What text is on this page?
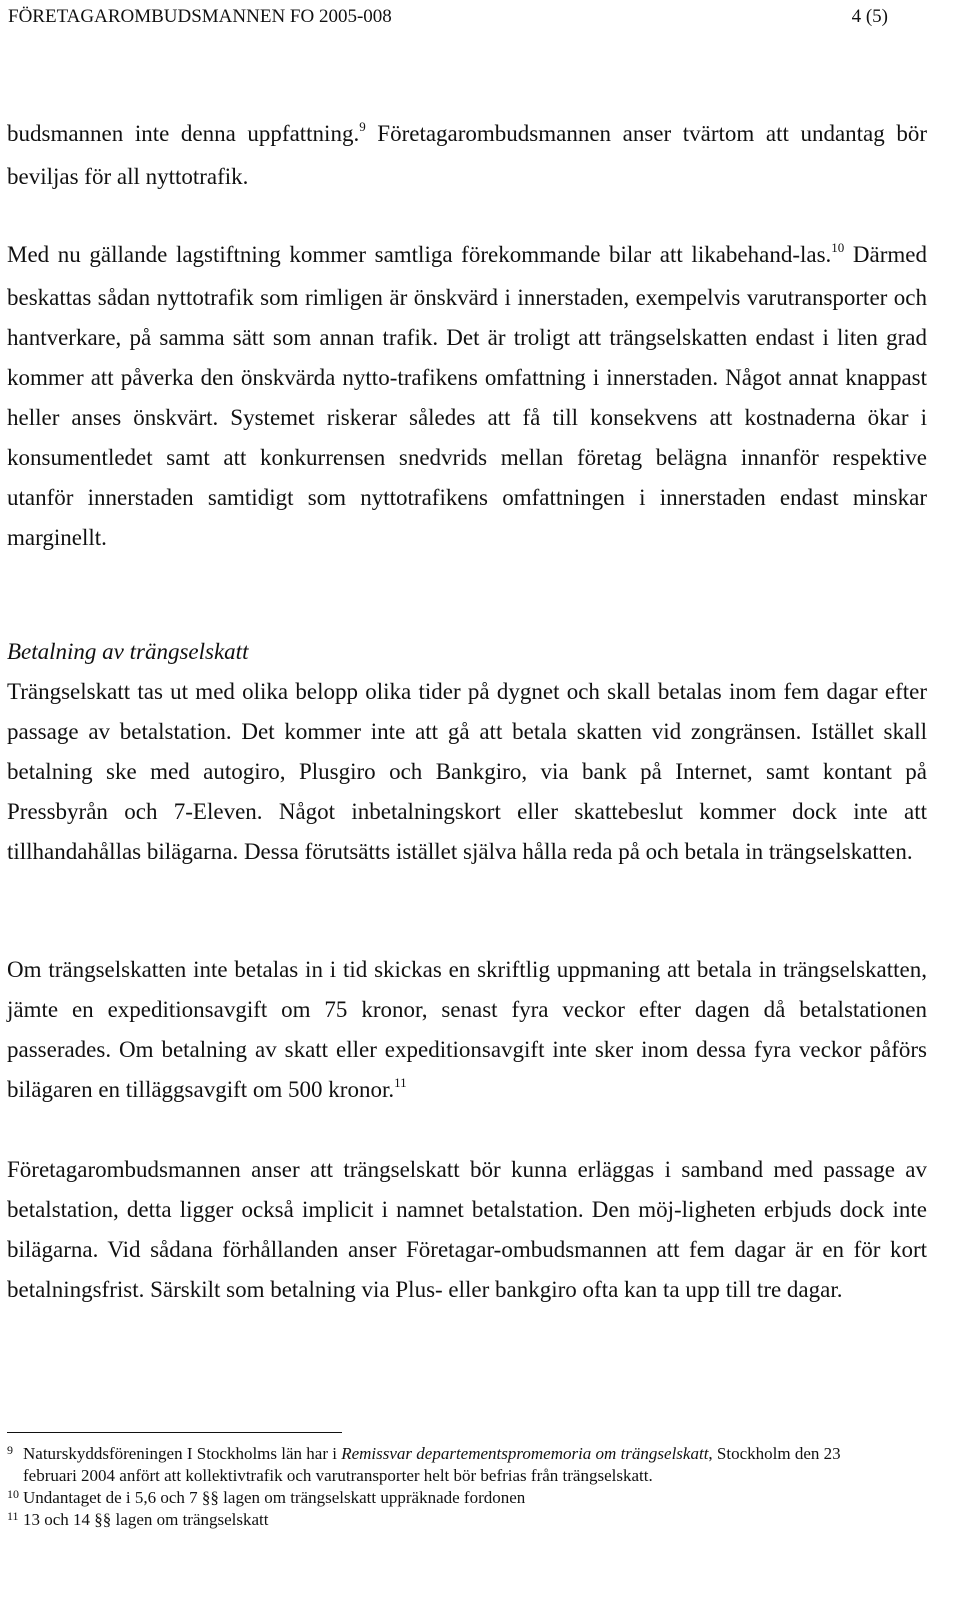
FÖRETAGAROMBUDSMANNEN FO 2005-008	4 (5)

budsmannen inte denna uppfattning.$^9$ Företagarombudsmannen anser tvärtom att undantag bör beviljas för all nyttotrafik.

Med nu gällande lagstiftning kommer samtliga förekommande bilar att likabehand-las.$^{10}$ Därmed beskattas sådan nyttotrafik som rimligen är önskvärd i innerstaden, exempelvis varutransporter och hantverkare, på samma sätt som annan trafik. Det är troligt att trängselskatten endast i liten grad kommer att påverka den önskvärda nytto-trafikens omfattning i innerstaden. Något annat knappast heller anses önskvärt. Systemet riskerar således att få till konsekvens att kostnaderna ökar i konsumentledet samt att konkurrensen snedvrids mellan företag belägna innanför respektive utanför innerstaden samtidigt som nyttotrafikens omfattningen i innerstaden endast minskar marginellt.

Betalning av trängselskatt

Trängselskatt tas ut med olika belopp olika tider på dygnet och skall betalas inom fem dagar efter passage av betalstation. Det kommer inte att gå att betala skatten vid zongränsen. Istället skall betalning ske med autogiro, Plusgiro och Bankgiro, via bank på Internet, samt kontant på Pressbyrån och 7-Eleven. Något inbetalningskort eller skattebeslut kommer dock inte att tillhandahållas bilägarna. Dessa förutsätts istället själva hålla reda på och betala in trängselskatten.

Om trängselskatten inte betalas in i tid skickas en skriftlig uppmaning att betala in trängselskatten, jämte en expeditionsavgift om 75 kronor, senast fyra veckor efter dagen då betalstationen passerades. Om betalning av skatt eller expeditionsavgift inte sker inom dessa fyra veckor påförs bilägaren en tilläggsavgift om 500 kronor.$^{11}$

Företagarombudsmannen anser att trängselskatt bör kunna erläggas i samband med passage av betalstation, detta ligger också implicit i namnet betalstation. Den möj-ligheten erbjuds dock inte bilägarna. Vid sådana förhållanden anser Företagar-ombudsmannen att fem dagar är en för kort betalningsfrist. Särskilt som betalning via Plus- eller bankgiro ofta kan ta upp till tre dagar.

9 Naturskyddsföreningen I Stockholms län har i Remissvar departementspromemoria om trängselskatt, Stockholm den 23 februari 2004 anfört att kollektivtrafik och varutransporter helt bör befrias från trängselskatt.

10 Undantaget de i 5,6 och 7 §§ lagen om trängselskatt uppräknade fordonen

11 13 och 14 §§ lagen om trängselskatt
